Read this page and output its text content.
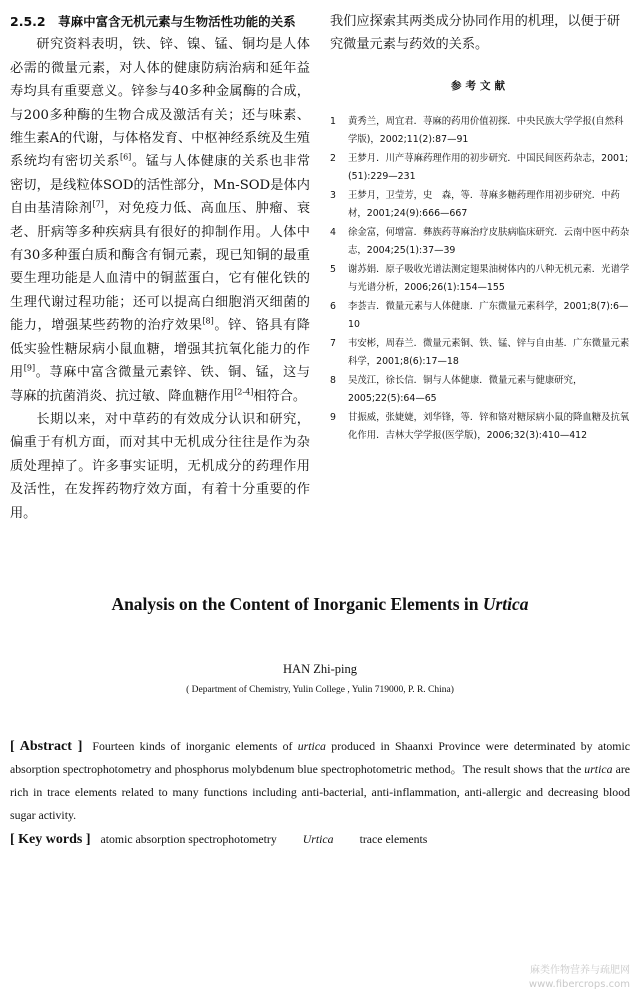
2.5.2　荨麻中富含无机元素与生物活性功能的关系

研究资料表明，铁、锌、镍、锰、铜均是人体必需的微量元素，对人体的健康防病治病和延年益寿均具有重要意义。锌参与40多种金属酶的合成，与200多种酶的生物合成及激活有关；还与味素、维生素A的代谢，与体格发育、中枢神经系统及生殖系统均有密切关系[6]。锰与人体健康的关系也非常密切，是线粒体SOD的活性部分，Mn-SOD是体内自由基清除剂[7]，对免疫力低、高血压、肿瘤、衰老、肝病等多种疾病具有很好的抑制作用。人体中有30多种蛋白质和酶含有铜元素，现已知铜的最重要生理功能是人血清中的铜蓝蛋白，它有催化铁的生理代谢过程功能；还可以提高白细胞消灭细菌的能力，增强某些药物的治疗效果[8]。锌、铬具有降低实验性糖尿病小鼠血糖，增强其抗氧化能力的作用[9]。荨麻中富含微量元素锌、铁、铜、锰，这与荨麻的抗菌消炎、抗过敏、降血糖作用[2-4]相符合。

长期以来，对中草药的有效成分认识和研究，偏重于有机方面，而对其中无机成分往往是作为杂质处理掉了。许多事实证明，无机成分的药理作用及活性，在发挥药物疗效方面，有着十分重要的作用。

我们应探索其两类成分协同作用的机理，以便于研究微量元素与药效的关系。

参考文献
1	黄秀兰，周宜君．荨麻的药用价值初探．中央民族大学学报(自然科学版)，2002;11(2):87—91
2	王梦月．川产荨麻药理作用的初步研究．中国民间医药杂志，2001;(51):229—231
3	王梦月，卫莹芳，史　森，等．荨麻多糖药理作用初步研究．中药材，2001;24(9):666—667
4	徐金富，何增富．彝族药荨麻治疗皮肤病临床研究．云南中医中药杂志，2004;25(1):37—39
5	谢苏娟．原子吸收光谱法测定翅果油树体内的八种无机元素．光谱学与光谱分析，2006;26(1):154—155
6	李荟吉．微量元素与人体健康．广东微量元素科学，2001;8(7):6—10
7	韦安彬，周春兰．微量元素铜、铁、锰、锌与自由基．广东微量元素科学，2001;8(6):17—18
8	吴茂江，徐长信．铜与人体健康．微量元素与健康研究，2005;22(5):64—65
9	甘振威，张婕婕，刘华锋，等．锌和铬对糖尿病小鼠的降血糖及抗氧化作用．吉林大学学报(医学版)，2006;32(3):410—412
Analysis on the Content of Inorganic Elements in Urtica

HAN Zhi-ping

( Department of Chemistry, Yulin College , Yulin 719000, P. R. China)

[ Abstract ] Fourteen kinds of inorganic elements of urtica produced in Shaanxi Province were determinated by atomic absorption spectrophotometry and phosphorus molybdenum blue spectrophotometric method。The result shows that the urtica are rich in trace elements related to many functions including anti-bacterial, anti-inflammation, anti-allergic and decreasing blood sugar activity.

[ Key words ] atomic absorption spectrophotometry Urtica trace elements

麻类作物营养与疏肥网
www.fibercrops.com
